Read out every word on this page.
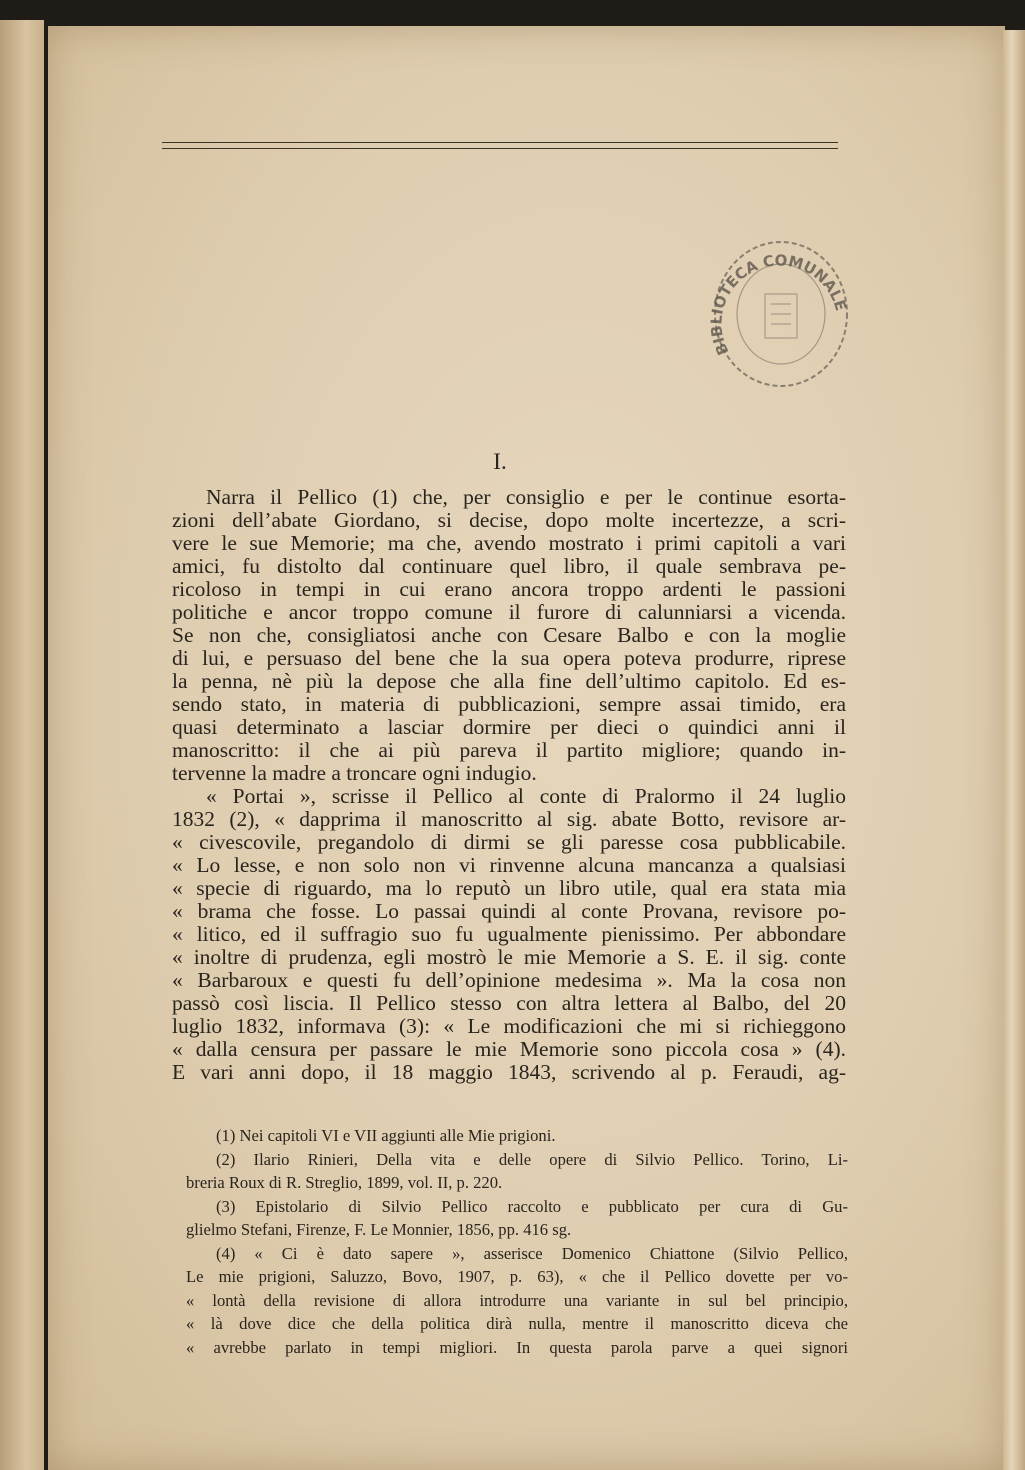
BIBLIOTECA COMUNALE
I.
Narra il Pellico (1) che, per consiglio e per le continue esorta-
zioni dell’abate Giordano, si decise, dopo molte incertezze, a scri-
vere le sue Memorie; ma che, avendo mostrato i primi capitoli a vari
amici, fu distolto dal continuare quel libro, il quale sembrava pe-
ricoloso in tempi in cui erano ancora troppo ardenti le passioni
politiche e ancor troppo comune il furore di calunniarsi a vicenda.
Se non che, consigliatosi anche con Cesare Balbo e con la moglie
di lui, e persuaso del bene che la sua opera poteva produrre, riprese
la penna, nè più la depose che alla fine dell’ultimo capitolo. Ed es-
sendo stato, in materia di pubblicazioni, sempre assai timido, era
quasi determinato a lasciar dormire per dieci o quindici anni il
manoscritto: il che ai più pareva il partito migliore; quando in-
tervenne la madre a troncare ogni indugio.
« Portai », scrisse il Pellico al conte di Pralormo il 24 luglio
1832 (2), « dapprima il manoscritto al sig. abate Botto, revisore ar-
« civescovile, pregandolo di dirmi se gli paresse cosa pubblicabile.
« Lo lesse, e non solo non vi rinvenne alcuna mancanza a qualsiasi
« specie di riguardo, ma lo reputò un libro utile, qual era stata mia
« brama che fosse. Lo passai quindi al conte Provana, revisore po-
« litico, ed il suffragio suo fu ugualmente pienissimo. Per abbondare
« inoltre di prudenza, egli mostrò le mie Memorie a S. E. il sig. conte
« Barbaroux e questi fu dell’opinione medesima ». Ma la cosa non
passò così liscia. Il Pellico stesso con altra lettera al Balbo, del 20
luglio 1832, informava (3): « Le modificazioni che mi si richieggono
« dalla censura per passare le mie Memorie sono piccola cosa » (4).
E vari anni dopo, il 18 maggio 1843, scrivendo al p. Feraudi, ag-
(1) Nei capitoli VI e VII aggiunti alle Mie prigioni.
(2) Ilario Rinieri, Della vita e delle opere di Silvio Pellico. Torino, Li-
breria Roux di R. Streglio, 1899, vol. II, p. 220.
(3) Epistolario di Silvio Pellico raccolto e pubblicato per cura di Gu-
glielmo Stefani, Firenze, F. Le Monnier, 1856, pp. 416 sg.
(4) « Ci è dato sapere », asserisce Domenico Chiattone (Silvio Pellico,
Le mie prigioni, Saluzzo, Bovo, 1907, p. 63), « che il Pellico dovette per vo-
« lontà della revisione di allora introdurre una variante in sul bel principio,
« là dove dice che della politica dirà nulla, mentre il manoscritto diceva che
« avrebbe parlato in tempi migliori. In questa parola parve a quei signori
